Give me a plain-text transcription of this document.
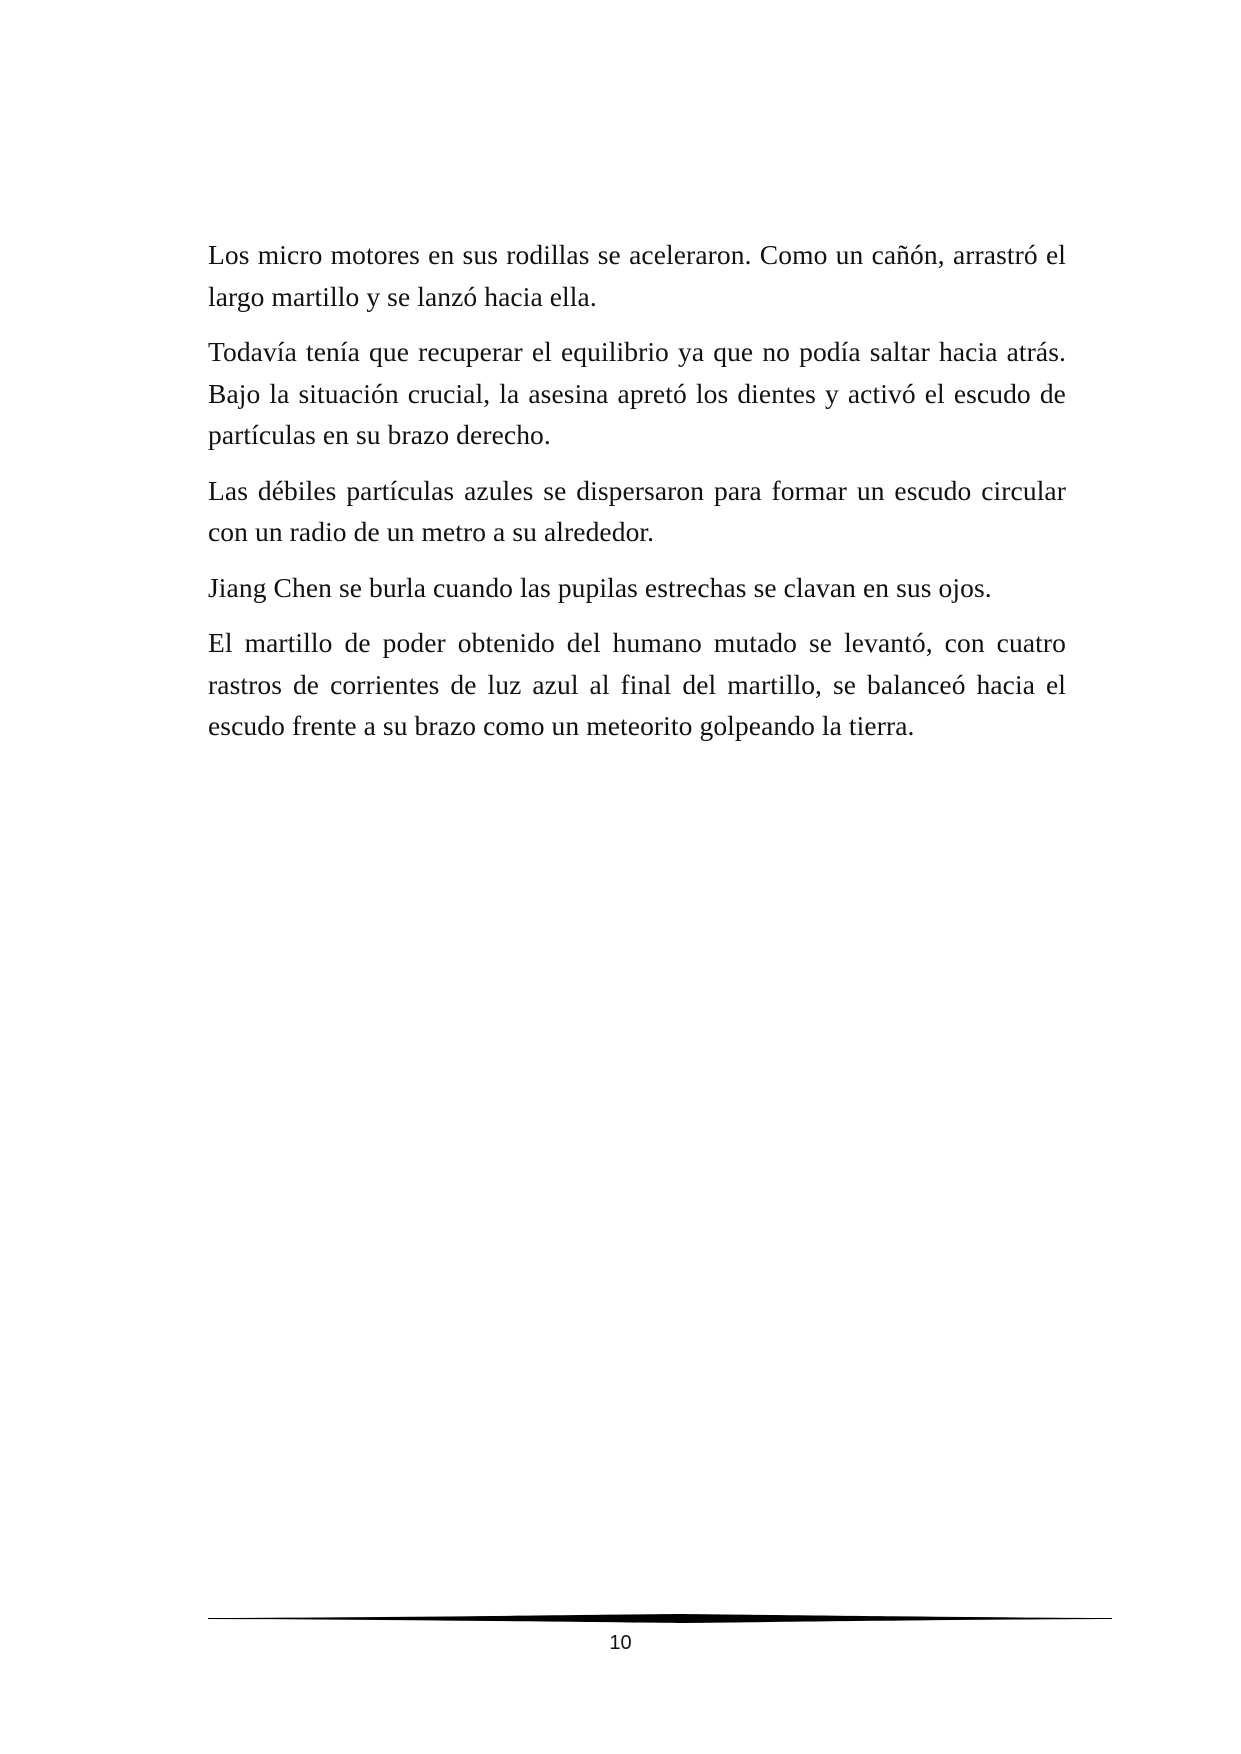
Los micro motores en sus rodillas se aceleraron. Como un cañón, arrastró el largo martillo y se lanzó hacia ella.

Todavía tenía que recuperar el equilibrio ya que no podía saltar hacia atrás. Bajo la situación crucial, la asesina apretó los dientes y activó el escudo de partículas en su brazo derecho.

Las débiles partículas azules se dispersaron para formar un escudo circular con un radio de un metro a su alrededor.

Jiang Chen se burla cuando las pupilas estrechas se clavan en sus ojos.

El martillo de poder obtenido del humano mutado se levantó, con cuatro rastros de corrientes de luz azul al final del martillo, se balanceó hacia el escudo frente a su brazo como un meteorito golpeando la tierra.

10
